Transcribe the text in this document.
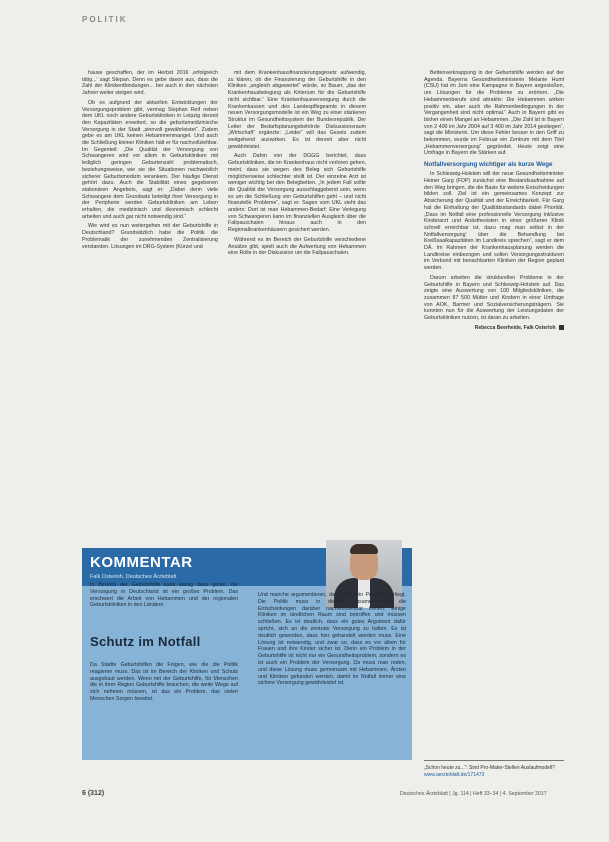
POLITIK

hause geschaffen, der im Herbst 2016 ‚erfolgreich tätig...‘ sagt Stepan. Denn es gebe davon aus, dass die Zahl der Klinikentbindungen... bei auch in den nächsten Jahren weiter steigen wird.

Ob es aufgrund der aktuellen Entwicklungen der Versorgungsproblem gibt, vermag Stephan Reif neben dem UKL noch andere Geburtskliniken in Leipzig derzeit den Kapazitäten erweitert, so die geburtsmedizinische Versorgung in der Stadt „sinnvoll gewährleistet“. Zudem gebe es am UKL keinen Hebammenmangel. Und auch die Schließung kleiner Kliniken hält er für nachvollziehbar. Im Gegenteil: „Die Qualität der Versorgung von Schwangeren wird vor allem in Geburtskliniken mit lediglich geringen Geburtenzahl problematisch, beziehungsweise, wie sie die Situationen nachweislich sicherer Geburtsmedizin verankern. Der häufige Dienst gehört dazu. Auch die Stabilität eines gegebenen stationären Angebots, sagt er: „Dabei denn viele Schwangere dem Grundsatz beteiligt ihrer Versorgung in der Peripherie werden Geburtskliniken am Leben erhalten, die medizinisch und ökonomisch schlecht arbeiten und auch gar nicht notwendig sind.“

Wie wird es nun weitergehen mit der Geburtshilfe in Deutschland? Grundsätzlich habe die Politik die Problematik der zunehmenden Zentralisierung verstanden. Lösungen im DRG-System (Kürzel und

mit dem Krankenhausfinanzierungsgesetz aufwendig, zu klären, ob die Finanzierung der Geburtshilfe in den Kliniken „ungleich abgewertet“ würde, so Bauer, „das der Krankenhausbelegung als Kriterium für die Geburtshilfe nicht sichtbar.“ Eine Krankenhausversorgung durch die Krankenkassen und des Landespflegeamts in diesem neuen Versorgungsmodelle ist ein Weg zu einer stärkeren Struktur im Gesundheitssystem der Bundesrepublik. Der Leiter der Bedarfsplanungsbehörde Diskussionsraum „Wirtschaft“ ergänzte: „Leider“ will das Gesetz zudem weitgehend auswirken. Es ist derzeit aber nicht gewährleistet.

Auch Dahm von der DGGG berichtet, dass Geburtskliniken, die im Krankenhaus nicht verloren gehen, meint, dass sie wegen des Beleg sich Geburtshilfe möglicherweise schlechter stellt ist. Der einzelne Arzt ist weniger wichtig bei den Belegbetten. „In jedem Fall sollte die Qualität der Versorgung ausschlaggebend sein, wenn es um die Schließung von Geburtshilfen geht – und nicht finanzielle Probleme“, sagt er. Sagen vom UKL sieht das anders: Dort ist man Hebammen-Bedarf: Eine Verlegung von Schwangeren kann im finanziellen Ausgleich über die Fallpauschalen hinaus auch in den Regionalkrankenhäusern gesichert werden.

Während es im Bereich der Geburtshilfe verschiedene Ansätze gibt, spielt auch die Aufwertung von Hebammen eine Rolle in der Diskussion um die Fallpauschalen.

Bettenverknappung in der Geburtshilfe werden auf der Agenda. Bayerns Gesundheitsministerin Melanie Huml (CSU) hat im Juni eine Kampagne in Bayern angestoßen, um Lösungen für die Probleme zu erörtern. „Die Hebammenberufe sind attraktiv: Die Hebammen wirken positiv ein, aber auch die Rahmenbedingungen in der Vergangenheit sind nicht optimal.“ Auch in Bayern gibt es bisher einen Mangel an Hebammen. „Die Zahl ist in Bayern von 2 400 im Jahr 2004 auf 3 400 im Jahr 2014 gestiegen“, sagt die Ministerin. Um diese Fehler besser in den Griff zu bekommen, wurde im Februar ein Zentrum mit dem Titel „Hebammenversorgung“ gegründet. Heute zeigt eine Umfrage in Bayern die Stärken auf.

Notfallversorgung wichtiger als kurze Wege

In Schleswig-Holstein will der neue Gesundheitsminister Heiner Garg (FDP) zunächst eine Bestandsaufnahme auf den Weg bringen, die die Basis für weitere Entscheidungen bilden soll. Ziel ist ein gemeinsames Konzept zur Absicherung der Qualität und der Erreichbarkeit. Für Garg hat die Einhaltung der Qualitätsstandards dabei Priorität. „Dass im Notfall eine professionelle Versorgung inklusive Kinderarzt und Anästhesisten in einer größeren Klinik schnell erreichbar ist, dazu mag man selbst in der Notfallversorgung‘ über die Behandlung bei Kreißsaalkapazitäten im Landkreis sprechen“, sagt er dem DÄ. Im Rahmen der Krankenhausplanung werden die Landkreise einbezogen und sollen Versorgungsstrukturen im Verbund mit benachbarten Kliniken der Region geplant werden.

Darum arbeiten die strukturellen Probleme in der Geburtshilfe in Bayern und Schleswig-Holstein auf. Das zeigte eine Auswertung von 100 Mitgliedskliniken, die zusammen 87 500 Mütter und Kindern in einer Umfrage von AOK, Barmer und Sozialversicherungsträgern. Sie konnten nun für die Auswertung der Leistungsdaten der Geburtskliniken nutzen, ist daran zu arbeiten.

Rebecca Beerheide, Falk Osterloh
„Schon heute zu...“: Sind Pro-Mater-Stellen Auslaufmodell?
www.aerzteblatt.de/171473
KOMMENTAR
Falk Osterloh, Deutsches Ärzteblatt

In Bereich der Geburtshilfe kann wenig dazu getan, die Versorgung in Deutschland ist ein großes Problem. Das erschwert die Arbeit von Hebammen und der regionalen Geburtskliniken in den Ländern.

Schutz im Notfall

Da Städte Geburtshilfen die Folgen, wie die die Politik reagieren muss. Das ist im Bereich der Kliniken und Schutz ausgebaut werden. Wenn mit der Geburtshilfe, für Menschen die in ihrer Region Geburtshilfe brauchen, die weite Wege auf sich nehmen müssen, ist das ein Problem, das vielen Menschen Sorgen bereitet.

Und manche argumentieren, dass hier kein Problem vorliegt. Die Politik muss in diesem Zusammenhang die Entscheidungen darüber nachvollziehbar treffen. Einige Kliniken im ländlichen Raum sind betroffen und müssen schließen. Es ist deutlich, dass ein gutes Argument dafür spricht, sich an die zentrale Versorgung zu halten. Es ist deutlich geworden, dass hier gehandelt werden muss. Eine Lösung ist notwendig, und zwar so, dass es vor allem für Frauen und ihre Kinder sicher ist. Denn ein Problem in der Geburtshilfe ist nicht nur ein Gesundheitsproblem, sondern es ist auch ein Problem der Versorgung. Da muss man reden, und diese Lösung muss gemeinsam mit Hebammen, Ärzten und Kliniken gefunden werden, damit im Notfall immer eine sichere Versorgung gewährleistet ist.

6 (312)	Deutsches Ärzteblatt | Jg. 114 | Heft 33–34 | 4. September 2017
